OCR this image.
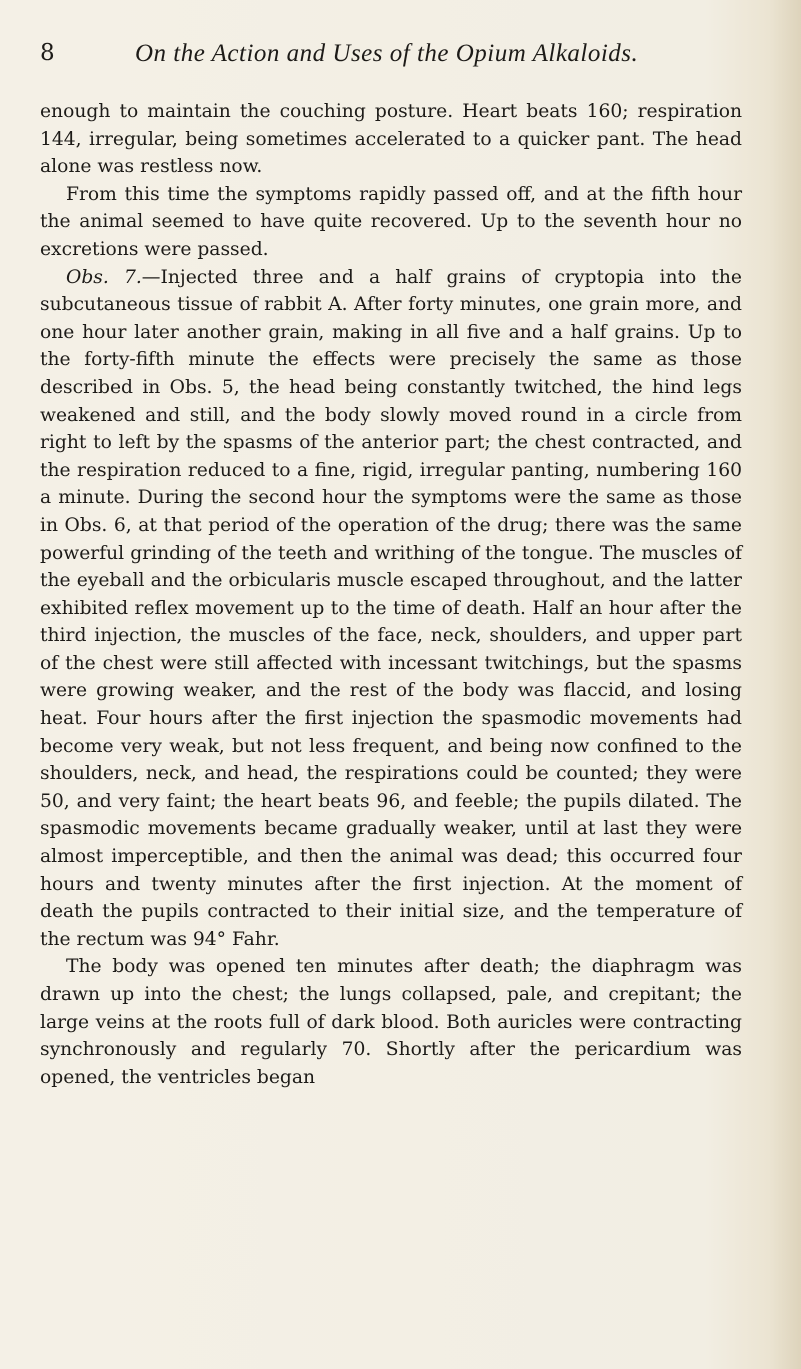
8	On the Action and Uses of the Opium Alkaloids.

enough to maintain the couching posture. Heart beats 160; respiration 144, irregular, being sometimes accelerated to a quicker pant. The head alone was restless now.

From this time the symptoms rapidly passed off, and at the fifth hour the animal seemed to have quite recovered. Up to the seventh hour no excretions were passed.

Obs. 7.—Injected three and a half grains of cryptopia into the subcutaneous tissue of rabbit A. After forty minutes, one grain more, and one hour later another grain, making in all five and a half grains. Up to the forty-fifth minute the effects were precisely the same as those described in Obs. 5, the head being constantly twitched, the hind legs weakened and still, and the body slowly moved round in a circle from right to left by the spasms of the anterior part; the chest contracted, and the respiration reduced to a fine, rigid, irregular panting, numbering 160 a minute. During the second hour the symptoms were the same as those in Obs. 6, at that period of the operation of the drug; there was the same powerful grinding of the teeth and writhing of the tongue. The muscles of the eyeball and the orbicularis muscle escaped throughout, and the latter exhibited reflex movement up to the time of death. Half an hour after the third injection, the muscles of the face, neck, shoulders, and upper part of the chest were still affected with incessant twitchings, but the spasms were growing weaker, and the rest of the body was flaccid, and losing heat. Four hours after the first injection the spasmodic movements had become very weak, but not less frequent, and being now confined to the shoulders, neck, and head, the respirations could be counted; they were 50, and very faint; the heart beats 96, and feeble; the pupils dilated. The spasmodic movements became gradually weaker, until at last they were almost imperceptible, and then the animal was dead; this occurred four hours and twenty minutes after the first injection. At the moment of death the pupils contracted to their initial size, and the temperature of the rectum was 94° Fahr.

The body was opened ten minutes after death; the diaphragm was drawn up into the chest; the lungs collapsed, pale, and crepitant; the large veins at the roots full of dark blood. Both auricles were contracting synchronously and regularly 70. Shortly after the pericardium was opened, the ventricles began
